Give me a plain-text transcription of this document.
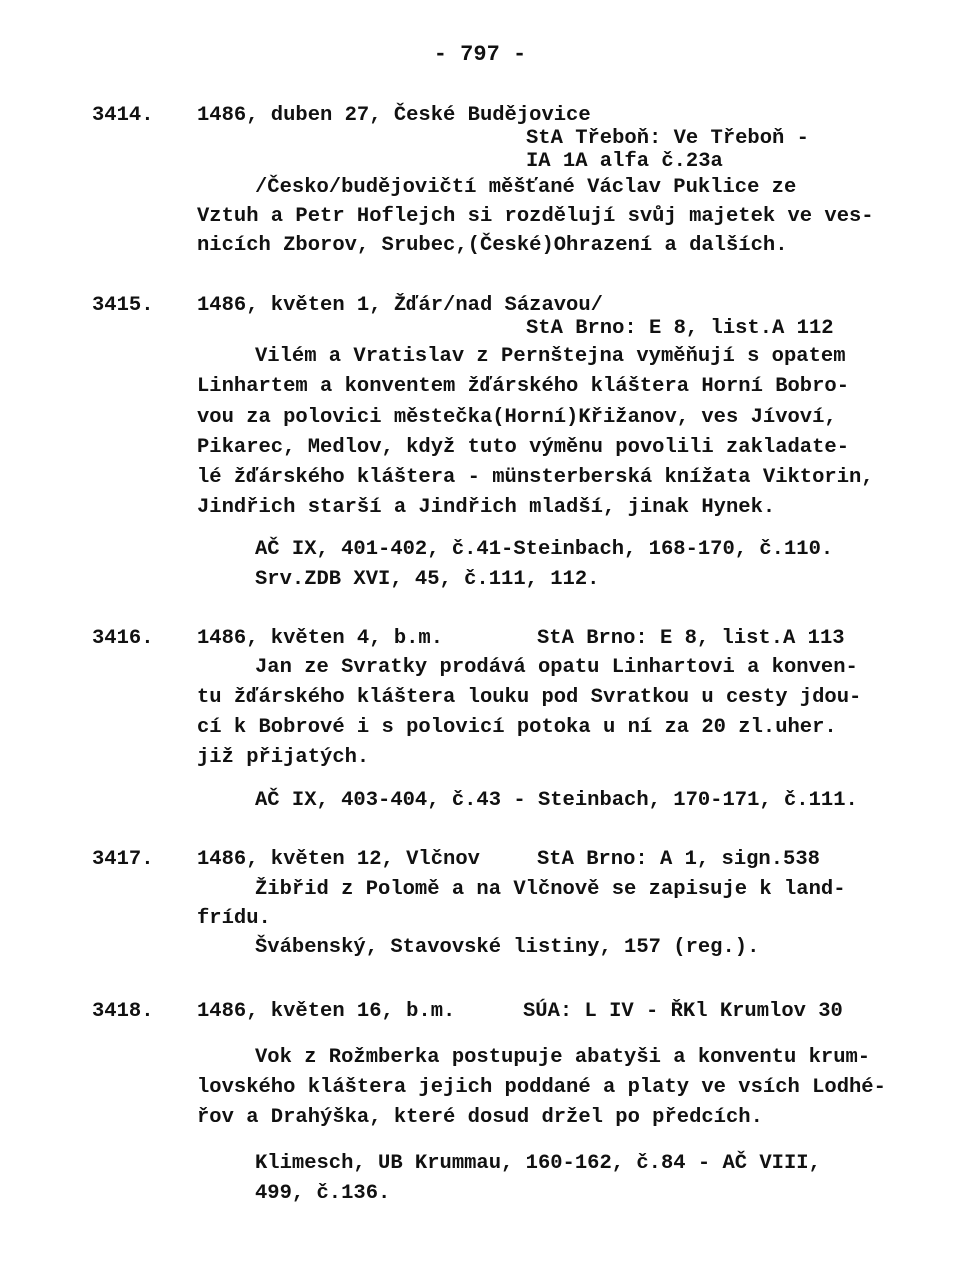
- 797 -
3414. 1486, duben 27, České Budějovice
StA Třeboň: Ve Třeboň -
IA 1A alfa č.23a
/Česko/budějovičtí měšťané Václav Puklice ze
Vztuh a Petr Hoflejch si rozdělují svůj majetek ve ves-
nicích Zborov, Srubec,(České)Ohrazení a dalších.
3415. 1486, květen 1, Žďár/nad Sázavou/
StA Brno: E 8, list.A 112
Vilém a Vratislav z Pernštejna vyměňují s opatem
Linhartem a konventem žďárského kláštera Horní Bobro-
vou za polovici městečka(Horní)Křižanov, ves Jívoví,
Pikarec, Medlov, když tuto výměnu povolili zakladate-
lé žďárského kláštera - münsterberská knížata Viktorin,
Jindřich starší a Jindřich mladší, jinak Hynek.
AČ IX, 401-402, č.41-Steinbach, 168-170, č.110.
Srv.ZDB XVI, 45, č.111, 112.
3416. 1486, květen 4, b.m.	StA Brno: E 8, list.A 113
Jan ze Svratky prodává opatu Linhartovi a konven-
tu žďárského kláštera louku pod Svratkou u cesty jdou-
cí k Bobrové i s polovicí potoka u ní za 20 zl.uher.
již přijatých.
AČ IX, 403-404, č.43 - Steinbach, 170-171, č.111.
3417. 1486, květen 12, Vlčnov	StA Brno: A 1, sign.538
Žibřid z Polomě a na Vlčnově se zapisuje k land-
frídu.
Švábenský, Stavovské listiny, 157 (reg.).
3418. 1486, květen 16, b.m.	SÚA: L IV - ŘKl Krumlov 30
Vok z Rožmberka postupuje abatyši a konventu krum-
lovského kláštera jejich poddané a platy ve vsích Lodhé-
řov a Drahýška, které dosud držel po předcích.
Klimesch, UB Krummau, 160-162, č.84 - AČ VIII,
499, č.136.
